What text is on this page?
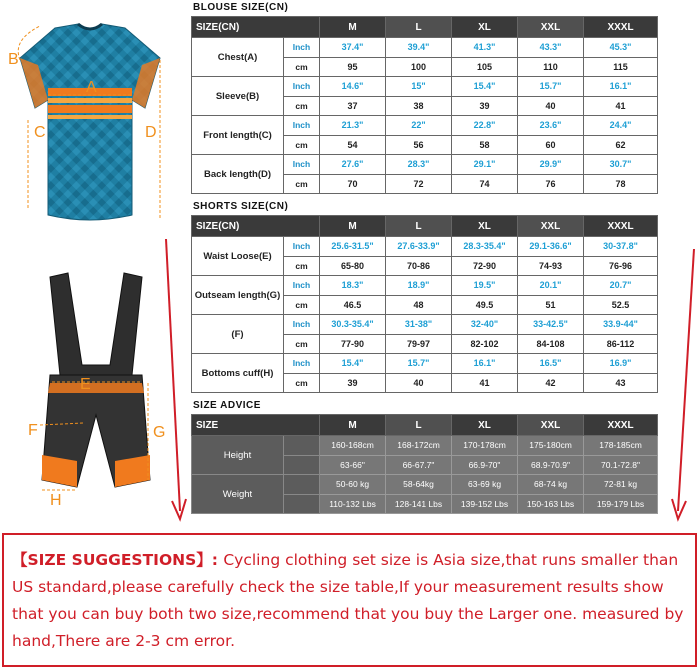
A
B
C	D
E
F	G
H
BLOUSE SIZE(CN)
SIZE(CN)		M	L	XL	XXL	XXXL
Chest(A)	Inch	37.4"	39.4"	41.3"	43.3"	45.3"
	cm	95	100	105	110	115
Sleeve(B)	Inch	14.6"	15"	15.4"	15.7"	16.1"
	cm	37	38	39	40	41
Front length(C)	Inch	21.3"	22"	22.8"	23.6"	24.4"
	cm	54	56	58	60	62
Back length(D)	Inch	27.6"	28.3"	29.1"	29.9"	30.7"
	cm	70	72	74	76	78
SHORTS SIZE(CN)
SIZE(CN)		M	L	XL	XXL	XXXL
Waist Loose(E)	Inch	25.6-31.5"	27.6-33.9"	28.3-35.4"	29.1-36.6"	30-37.8"
	cm	65-80	70-86	72-90	74-93	76-96
Outseam length(G)	Inch	18.3"	18.9"	19.5"	20.1"	20.7"
	cm	46.5	48	49.5	51	52.5
(F)	Inch	30.3-35.4"	31-38"	32-40"	33-42.5"	33.9-44"
	cm	77-90	79-97	82-102	84-108	86-112
Bottoms cuff(H)	Inch	15.4"	15.7"	16.1"	16.5"	16.9"
	cm	39	40	41	42	43
SIZE ADVICE
SIZE		M	L	XL	XXL	XXXL
Height		160-168cm	168-172cm	170-178cm	175-180cm	178-185cm
		63-66"	66-67.7"	66.9-70"	68.9-70.9"	70.1-72.8"
Weight		50-60 kg	58-64kg	63-69 kg	68-74 kg	72-81 kg
		110-132 Lbs	128-141 Lbs	139-152 Lbs	150-163 Lbs	159-179 Lbs
【SIZE SUGGESTIONS】: Cycling clothing set size is Asia size,that runs smaller than US standard,please carefully check the size table,If your measurement results show that you can buy both two size,recommend that you buy the Larger one. measured by hand,There are 2-3 cm error.
